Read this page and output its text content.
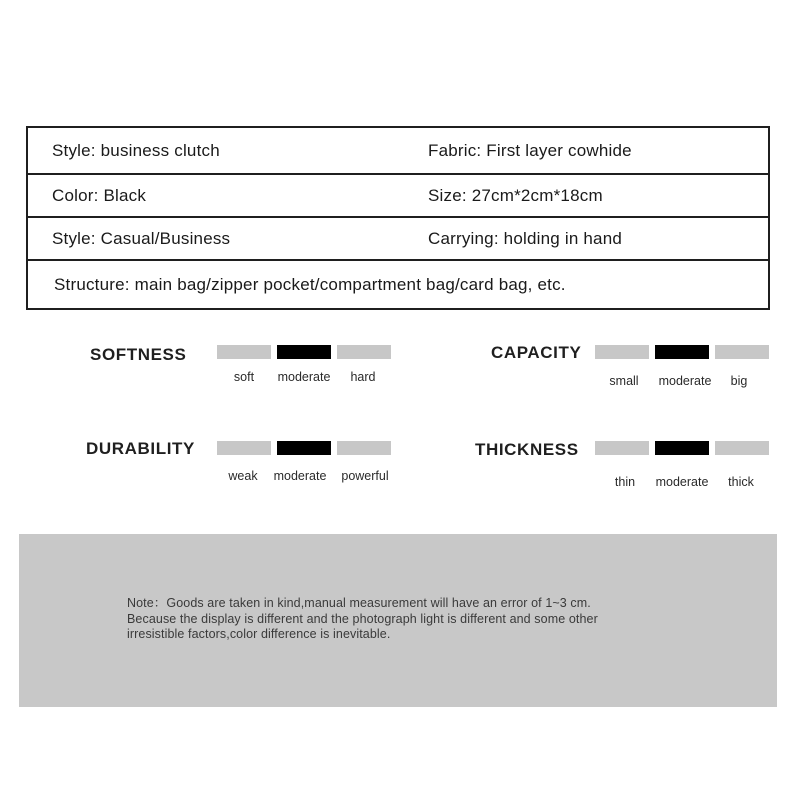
Style: business clutch	Fabric: First layer cowhide
Color: Black	Size: 27cm*2cm*18cm
Style: Casual/Business	Carrying: holding in hand
Structure: main bag/zipper pocket/compartment bag/card bag, etc.
SOFTNESS
soft moderate hard
CAPACITY
small moderate big
DURABILITY
weak moderate powerful
THICKNESS
thin moderate thick
Note：Goods are taken in kind,manual measurement will have an error of 1~3 cm.
Because the display is different and the photograph light is different and some other
irresistible factors,color difference is inevitable.
